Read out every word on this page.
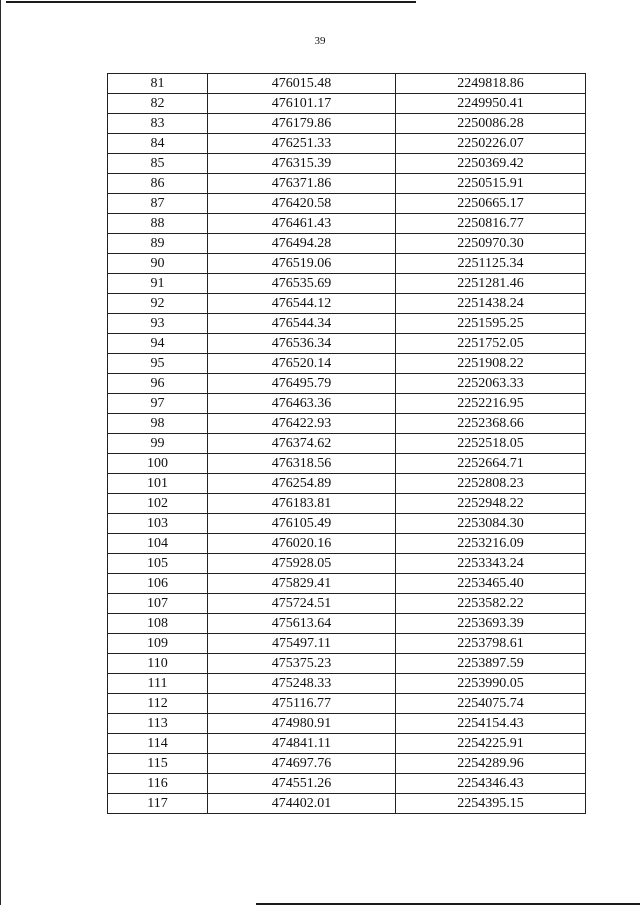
39
81	476015.48	2249818.86
82	476101.17	2249950.41
83	476179.86	2250086.28
84	476251.33	2250226.07
85	476315.39	2250369.42
86	476371.86	2250515.91
87	476420.58	2250665.17
88	476461.43	2250816.77
89	476494.28	2250970.30
90	476519.06	2251125.34
91	476535.69	2251281.46
92	476544.12	2251438.24
93	476544.34	2251595.25
94	476536.34	2251752.05
95	476520.14	2251908.22
96	476495.79	2252063.33
97	476463.36	2252216.95
98	476422.93	2252368.66
99	476374.62	2252518.05
100	476318.56	2252664.71
101	476254.89	2252808.23
102	476183.81	2252948.22
103	476105.49	2253084.30
104	476020.16	2253216.09
105	475928.05	2253343.24
106	475829.41	2253465.40
107	475724.51	2253582.22
108	475613.64	2253693.39
109	475497.11	2253798.61
110	475375.23	2253897.59
111	475248.33	2253990.05
112	475116.77	2254075.74
113	474980.91	2254154.43
114	474841.11	2254225.91
115	474697.76	2254289.96
116	474551.26	2254346.43
117	474402.01	2254395.15
